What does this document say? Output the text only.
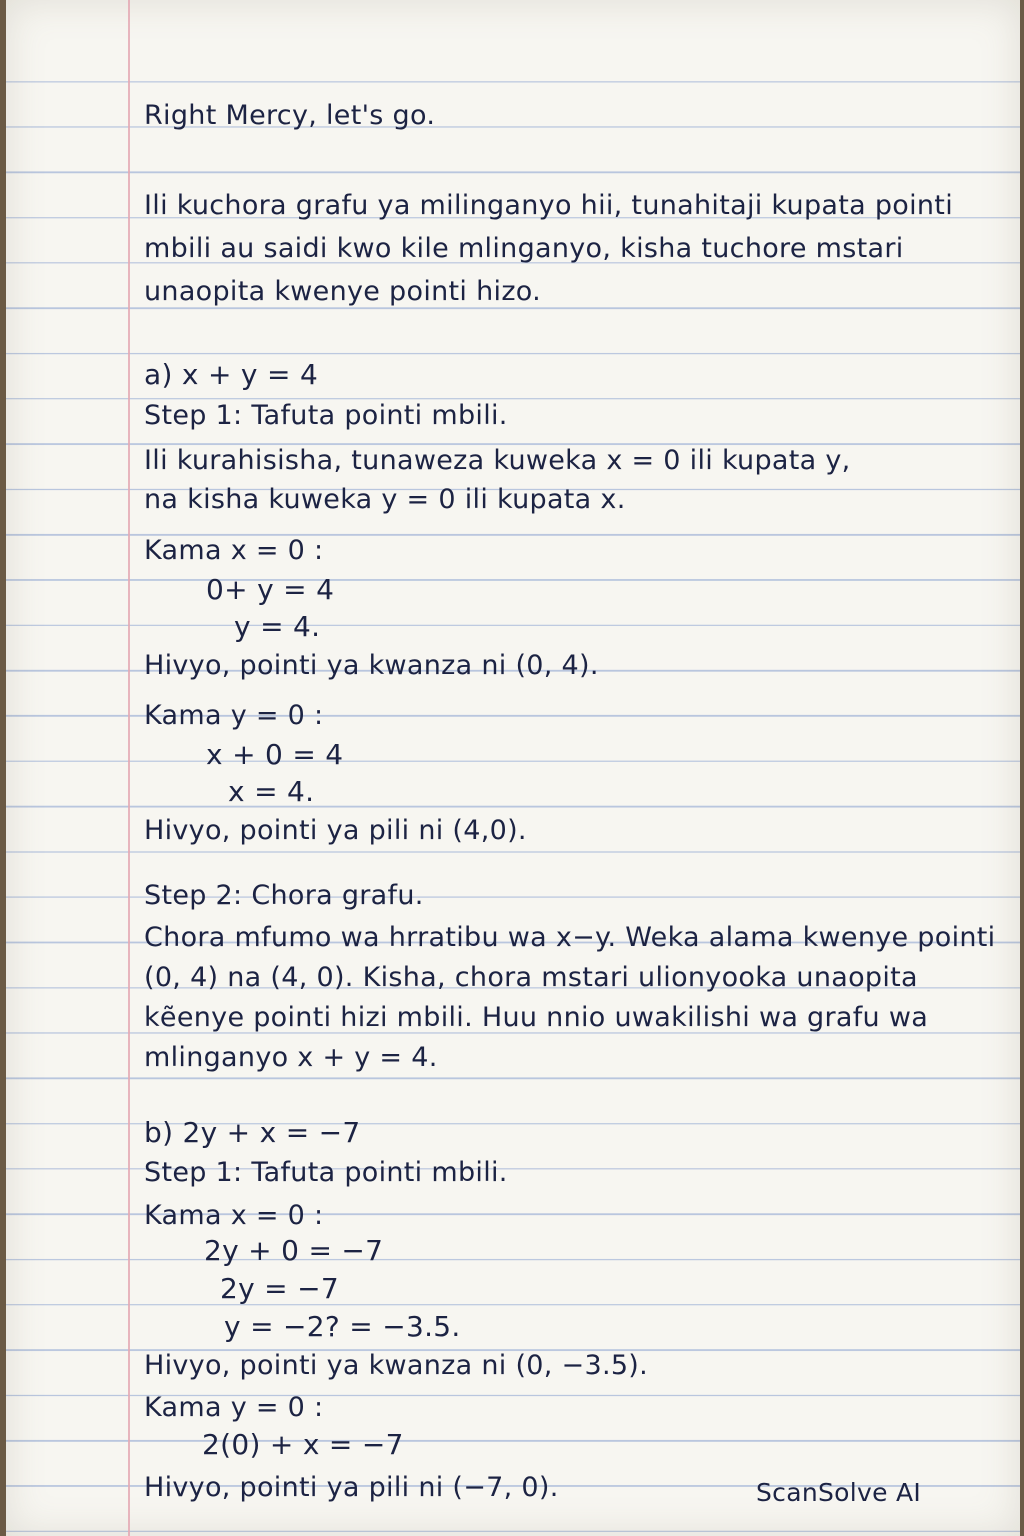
Right Mercy, let's go.
Ili kuchora grafu ya milinganyo hii, tunahitaji kupata pointi
mbili au saidi kwo kile mlinganyo, kisha tuchore mstari
unaopita kwenye pointi hizo.
a) x + y = 4
Step 1: Tafuta pointi mbili.
Ili kurahisisha, tunaweza kuweka x = 0 ili kupata y,
na kisha kuweka y = 0 ili kupata x.
Kama x = 0 :
0+ y = 4
y = 4.
Hivyo, pointi ya kwanza ni (0, 4).
Kama y = 0 :
x + 0 = 4
x = 4.
Hivyo, pointi ya pili ni (4,0).
Step 2: Chora grafu.
Chora mfumo wa hrratibu wa x−y. Weka alama kwenye pointi
(0, 4) na (4, 0). Kisha, chora mstari ulionyooka unaopita
kẽenye pointi hizi mbili. Huu nnio uwakilishi wa grafu wa
mlinganyo x + y = 4.
b) 2y + x = −7
Step 1: Tafuta pointi mbili.
Kama x = 0 :
2y + 0 = −7
2y = −7
y = −2? = −3.5.
Hivyo, pointi ya kwanza ni (0, −3.5).
Kama y = 0 :
2(0) + x = −7
Hivyo, pointi ya pili ni (−7, 0).	ScanSolve AI
